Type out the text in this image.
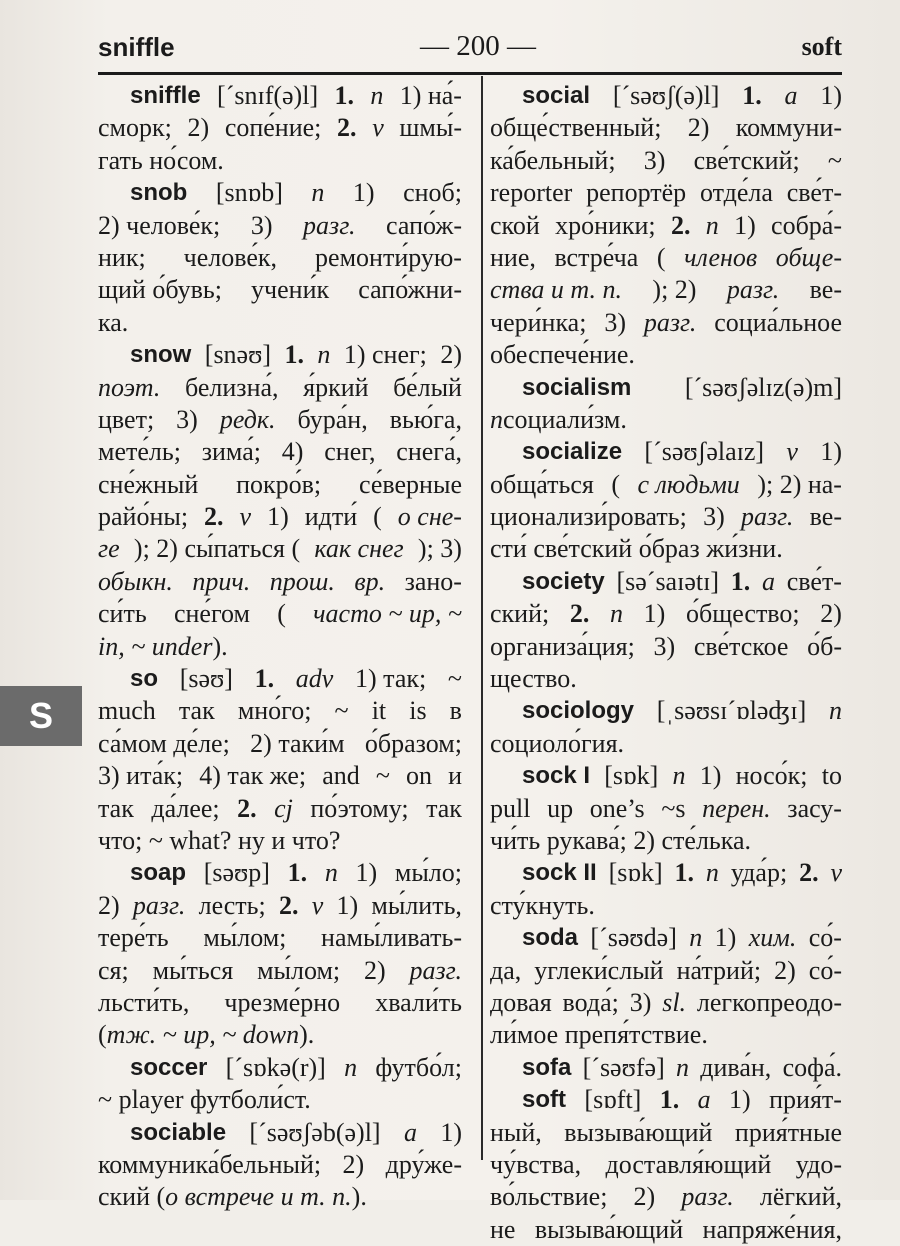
sniffle	— 200 —	soft
S
sniffle [´snɪf(ə)l] 1. n 1) на́-
сморк; 2) сопе́ние; 2. v шмы́-
гать но́сом.
snob [snɒb] n 1) сноб;
2) челове́к; 3) разг. сапо́ж-
ник; челове́к, ремонти́рую-
щий о́бувь; учени́к сапо́жни-
ка.
snow [snəʊ] 1. n 1) снег; 2)
поэт. белизна́, я́ркий бе́лый
цвет; 3) редк. бура́н, вью́га,
мете́ль; зима́; 4) снег, снега́,
сне́жный покро́в; се́верные
райо́ны; 2. v 1) идти́ ( о сне-
ге ); 2) сы́паться ( как снег ); 3)
обыкн. прич. прош. вр. зано-
си́ть сне́гом ( часто ~ up, ~
in, ~ under ).
so [səʊ] 1. adv 1) так; ~
much так мно́го; ~ it is в
са́мом де́ле; 2) таки́м о́бразом;
3) ита́к; 4) так же; and ~ on и
так да́лее; 2. cj по́этому; так
что; ~ what? ну и что?
soap [səʊp] 1. n 1) мы́ло;
2) разг. лесть; 2. v 1) мы́лить,
тере́ть мы́лом; намы́ливать-
ся; мы́ться мы́лом; 2) разг.
льсти́ть, чрезме́рно хвали́ть
( тж. ~ up, ~ down ).
soccer [´sɒkə(r)] n футбо́л;
~ player футболи́ст.
sociable [´səʊʃəb(ə)l] a 1)
коммуника́бельный; 2) дру́же-
ский ( о встрече и т. п. ).
social [´səʊʃ(ə)l] 1. a 1)
обще́ственный; 2) коммуни-
ка́бельный; 3) све́тский; ~
reporter репортёр отде́ла све́т-
ской хро́ники; 2. n 1) собра́-
ние, встре́ча ( членов обще-
ства и т. п. ); 2) разг. ве-
чери́нка; 3) разг. социа́льное
обеспече́ние.
socialism [´səʊʃəlɪz(ə)m]
n социали́зм.
socialize [´səʊʃəlaɪz] v 1)
обща́ться ( с людьми ); 2) на-
ционализи́ровать; 3) разг. ве-
сти́ све́тский о́браз жи́зни.
society [sə´saɪətɪ] 1. a све́т-
ский; 2. n 1) о́бщество; 2)
организа́ция; 3) све́тское о́б-
щество.
sociology [ˌsəʊsɪ´ɒləʤɪ] n
социоло́гия.
sock I [sɒk] n 1) носо́к; to
pull up one’s ~s перен. засу-
чи́ть рукава́; 2) сте́лька.
sock II [sɒk] 1. n уда́р; 2. v
сту́кнуть.
soda [´səʊdə] n 1) хим. со́-
да, углеки́слый на́трий; 2) со́-
довая вода́; 3) sl. легкопреодо-
ли́мое препя́тствие.
sofa [´səʊfə] n дива́н, софа́.
soft [sɒft] 1. a 1) прия́т-
ный, вызыва́ющий прия́тные
чу́вства, доставля́ющий удо-
во́льствие; 2) разг. лёгкий,
не вызыва́ющий напряже́ния,
